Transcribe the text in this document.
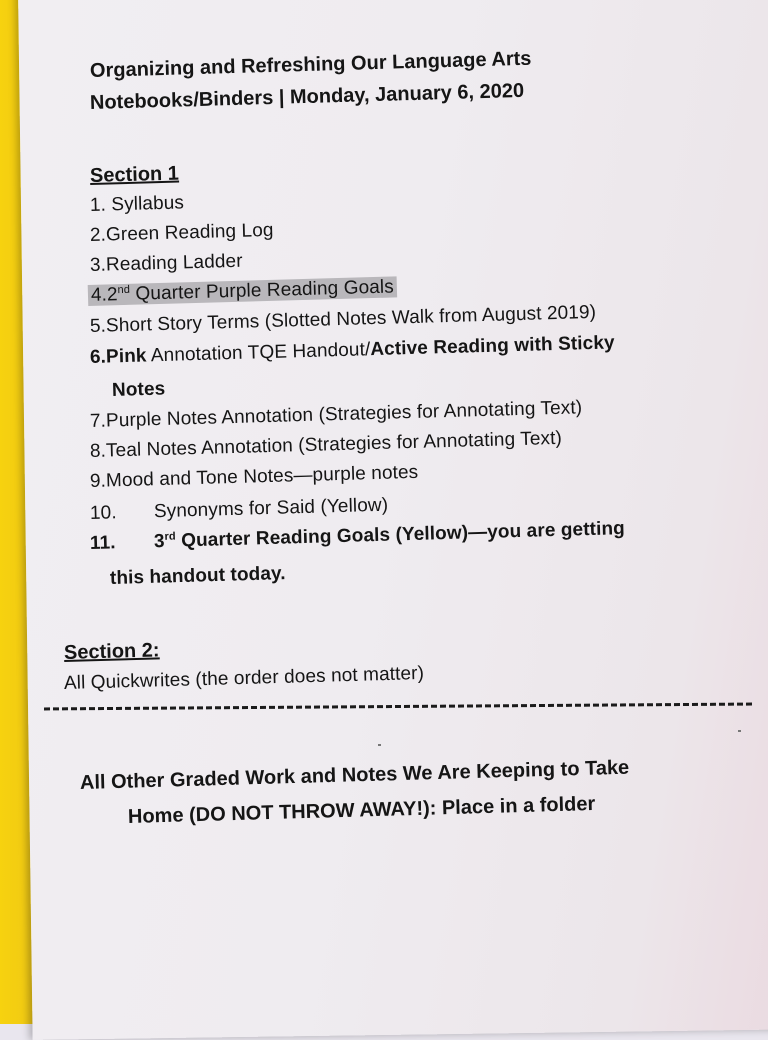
Organizing and Refreshing Our Language Arts
Notebooks/Binders | Monday, January 6, 2020
Section 1
1. Syllabus
2.Green Reading Log
3.Reading Ladder
4.2nd Quarter Purple Reading Goals
5.Short Story Terms (Slotted Notes Walk from August 2019)
6.Pink Annotation TQE Handout/Active Reading with Sticky
Notes
7.Purple Notes Annotation (Strategies for Annotating Text)
8.Teal Notes Annotation (Strategies for Annotating Text)
9.Mood and Tone Notes—purple notes
10. Synonyms for Said (Yellow)
11. 3rd Quarter Reading Goals (Yellow)—you are getting
this handout today.
Section 2:
All Quickwrites (the order does not matter)
All Other Graded Work and Notes We Are Keeping to Take
Home (DO NOT THROW AWAY!): Place in a folder
